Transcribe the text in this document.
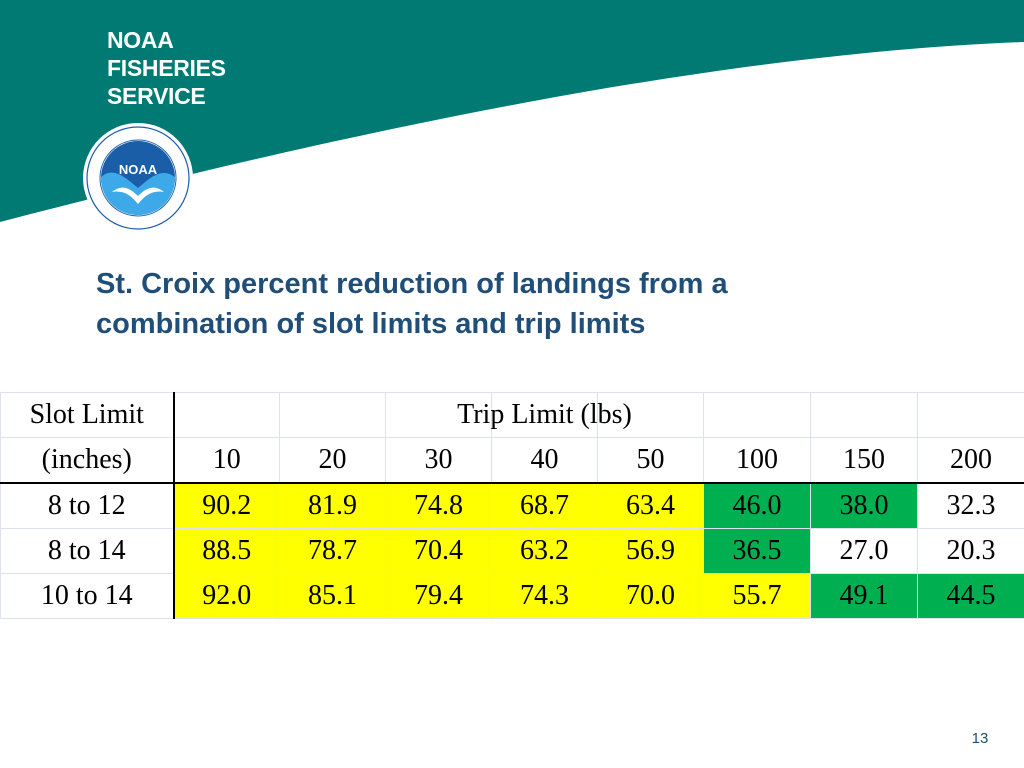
NOAA
FISHERIES
SERVICE
NOAA
St. Croix percent reduction of landings from a
combination of slot limits and trip limits
Slot Limit				Trip Limit (lbs)				

(inches)	10	20	30	40	50	100	150	200
8 to 12	90.2	81.9	74.8	68.7	63.4	46.0	38.0	32.3
8 to 14	88.5	78.7	70.4	63.2	56.9	36.5	27.0	20.3
10 to 14	92.0	85.1	79.4	74.3	70.0	55.7	49.1	44.5
13
